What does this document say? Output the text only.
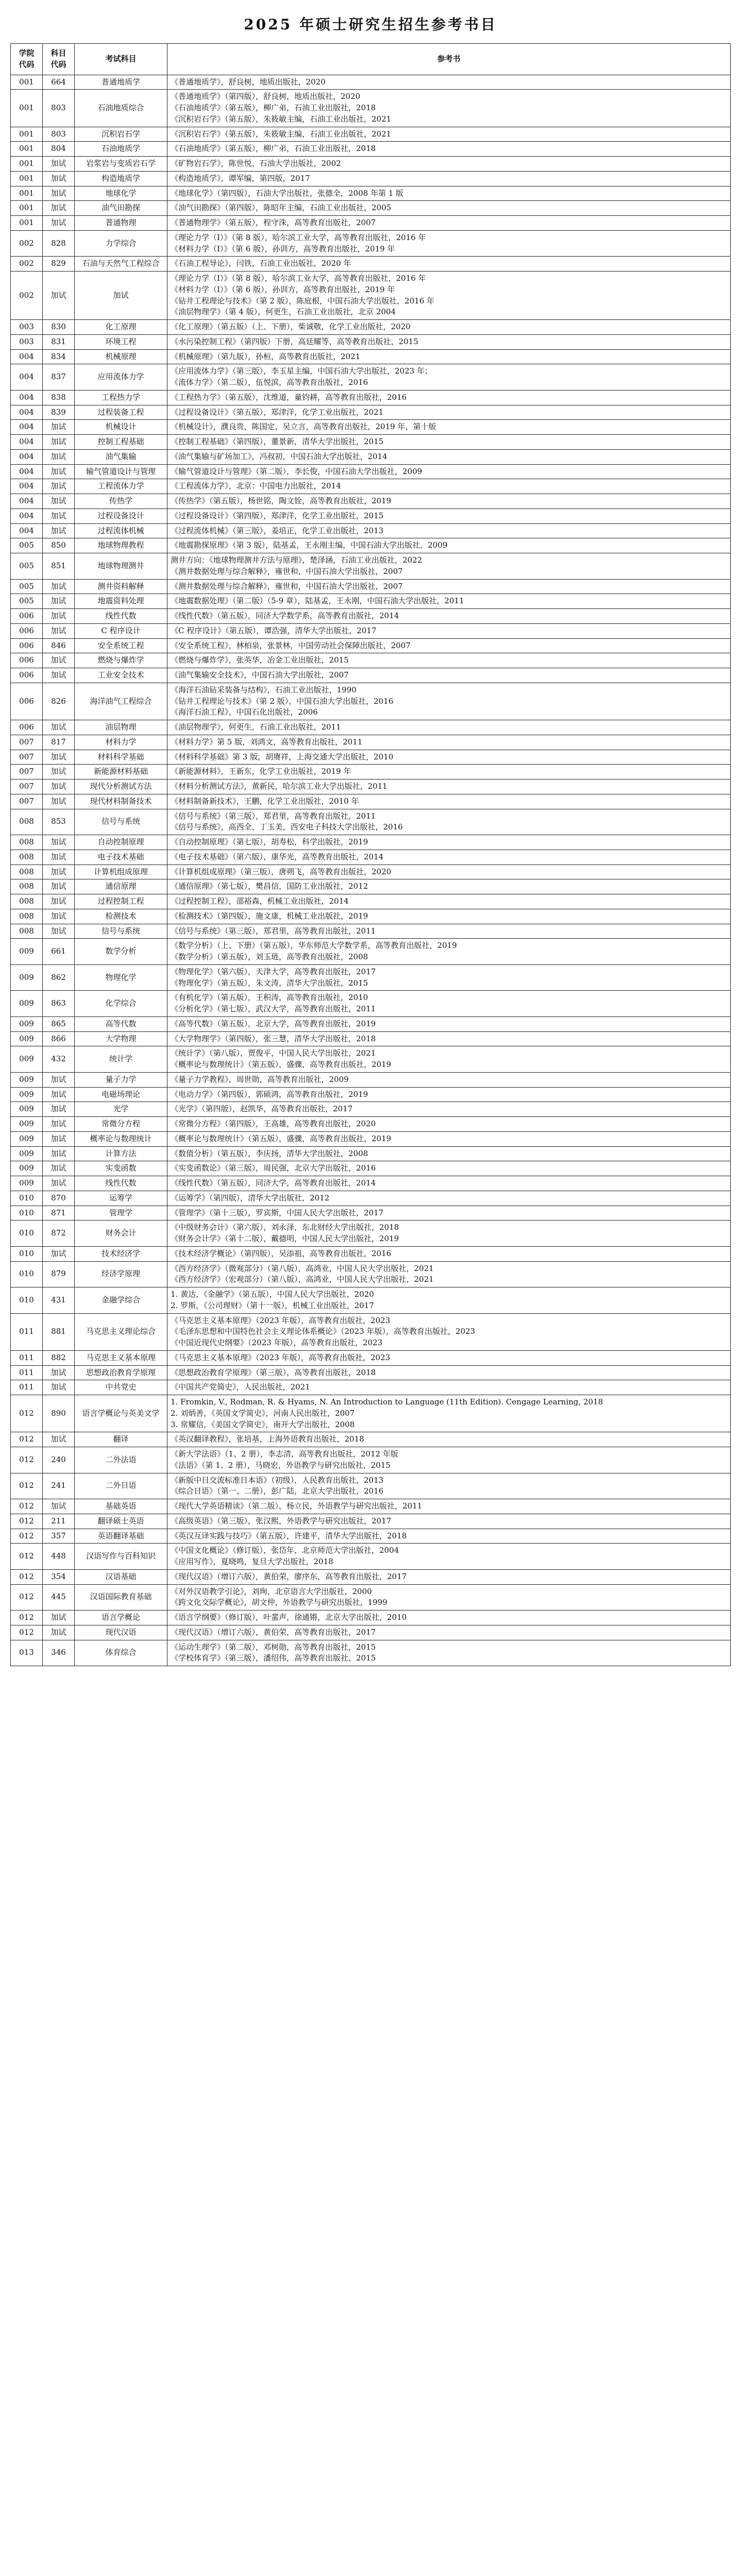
2025 年硕士研究生招生参考书目
学院
代码	科目
代码	考试科目	参考书
001	664	普通地质学	《普通地质学》，舒良树，地质出版社，2020
001	803	石油地质综合	《普通地质学》（第四版），舒良树，地质出版社，2020
《石油地质学》（第五版），柳广弟，石油工业出版社，2018
《沉积岩石学》（第五版），朱筱敏主编，石油工业出版社，2021
001	803	沉积岩石学	《沉积岩石学》（第五版），朱筱敏主编，石油工业出版社，2021
001	804	石油地质学	《石油地质学》（第五版），柳广弟，石油工业出版社，2018
001	加试	岩浆岩与变质岩石学	《矿物岩石学》，陈世悦，石油大学出版社，2002
001	加试	构造地质学	《构造地质学》，谭军编，第四版，2017
001	加试	地球化学	《地球化学》（第四版），石油大学出版社，张德全，2008 年第 1 版
001	加试	油气田勘探	《油气田勘探》（第四版），陈昭年主编，石油工业出版社，2005
001	加试	普通物理	《普通物理学》（第五版），程守洙，高等教育出版社，2007
002	828	力学综合	《理论力学（Ⅰ）》（第 8 版），哈尔滨工业大学，高等教育出版社，2016 年
《材料力学（Ⅰ）》（第 6 版），孙训方，高等教育出版社，2019 年
002	829	石油与天然气工程综合	《石油工程导论》，闫铁，石油工业出版社，2020 年
002	加试	加试	《理论力学（Ⅰ）》（第 8 版），哈尔滨工业大学，高等教育出版社，2016 年
《材料力学（Ⅰ）》（第 6 版），孙训方，高等教育出版社，2019 年
《钻井工程理论与技术》（第 2 版），陈庭根，中国石油大学出版社，2016 年
《油层物理学》（第 4 版），何更生，石油工业出版社，北京 2004
003	830	化工原理	《化工原理》（第五版）（上、下册），柴诚敬，化学工业出版社，2020
003	831	环境工程	《水污染控制工程》（第四版）下册，高廷耀等，高等教育出版社，2015
004	834	机械原理	《机械原理》（第九版），孙桓，高等教育出版社，2021
004	837	应用流体力学	《应用流体力学》（第三版），李玉星主编，中国石油大学出版社，2023 年；
《流体力学》（第二版），伍悦滨，高等教育出版社，2016
004	838	工程热力学	《工程热力学》（第五版），沈维道，童钧耕，高等教育出版社，2016
004	839	过程装备工程	《过程设备设计》（第五版），郑津洋，化学工业出版社，2021
004	加试	机械设计	《机械设计》，濮良贵，陈国定，吴立言，高等教育出版社，2019 年，第十版
004	加试	控制工程基础	《控制工程基础》（第四版），董景新，清华大学出版社，2015
004	加试	油气集输	《油气集输与矿场加工》，冯叔初，中国石油大学出版社，2014
004	加试	输气管道设计与管理	《输气管道设计与管理》（第二版），李长俊，中国石油大学出版社，2009
004	加试	工程流体力学	《工程流体力学》，北京：中国电力出版社，2014
004	加试	传热学	《传热学》（第五版），杨世铭，陶文铨，高等教育出版社，2019
004	加试	过程设备设计	《过程设备设计》（第四版），郑津洋，化学工业出版社，2015
004	加试	过程流体机械	《过程流体机械》（第三版），姜培正，化学工业出版社，2013
005	850	地球物理教程	《地震勘探原理》（第 3 版），陆基孟，王永刚主编，中国石油大学出版社，2009
005	851	地球物理测井	测井方向：《地球物理测井方法与原理》，楚泽涵，石油工业出版社，2022
《测井数据处理与综合解释》，雍世和，中国石油大学出版社，2007
005	加试	测井资料解释	《测井数据处理与综合解释》，雍世和，中国石油大学出版社，2007
005	加试	地震资料处理	《地震数据处理》（第二版）（5-9 章），陆基孟，王永刚，中国石油大学出版社，2011
006	加试	线性代数	《线性代数》（第五版），同济大学数学系，高等教育出版社，2014
006	加试	C 程序设计	《C 程序设计》（第五版），谭浩强，清华大学出版社，2017
006	846	安全系统工程	《安全系统工程》，林柏泉，张景林，中国劳动社会保障出版社，2007
006	加试	燃烧与爆炸学	《燃烧与爆炸学》，张英华，冶金工业出版社，2015
006	加试	工业安全技术	《油气集输安全技术》，中国石油大学出版社，2007
006	826	海洋油气工程综合	《海洋石油钻采装备与结构》，石油工业出版社，1990
《钻井工程理论与技术》（第 2 版），中国石油大学出版社，2016
《海洋石油工程》，中国石化出版社，2006
006	加试	油层物理	《油层物理学》，何更生，石油工业出版社，2011
007	817	材料力学	《材料力学》第 5 版，刘鸿文，高等教育出版社，2011
007	加试	材料科学基础	《材料科学基础》第 3 版，胡赓祥，上海交通大学出版社，2010
007	加试	新能源材料基础	《新能源材料》，王新东，化学工业出版社，2019 年
007	加试	现代分析测试方法	《材料分析测试方法》，黄新民，哈尔滨工业大学出版社，2011
007	加试	现代材料制备技术	《材料制备新技术》，王鹏，化学工业出版社，2010 年
008	853	信号与系统	《信号与系统》（第三版），郑君里，高等教育出版社，2011
《信号与系统》，高西全，丁玉美，西安电子科技大学出版社，2016
008	加试	自动控制原理	《自动控制原理》（第七版），胡寿松，科学出版社，2019
008	加试	电子技术基础	《电子技术基础》（第六版），康华光，高等教育出版社，2014
008	加试	计算机组成原理	《计算机组成原理》（第三版），唐朔飞，高等教育出版社，2020
008	加试	通信原理	《通信原理》（第七版），樊昌信，国防工业出版社，2012
008	加试	过程控制工程	《过程控制工程》，邵裕森，机械工业出版社，2014
008	加试	检测技术	《检测技术》（第四版），施文康，机械工业出版社，2019
008	加试	信号与系统	《信号与系统》（第三版），郑君里，高等教育出版社，2011
009	661	数学分析	《数学分析》（上、下册）（第五版），华东师范大学数学系，高等教育出版社，2019
《数学分析》（第五版），刘玉琏，高等教育出版社，2008
009	862	物理化学	《物理化学》（第六版），天津大学，高等教育出版社，2017
《物理化学》（第五版），朱文涛，清华大学出版社，2015
009	863	化学综合	《有机化学》（第五版），王积涛，高等教育出版社，2010
《分析化学》（第七版），武汉大学，高等教育出版社，2011
009	865	高等代数	《高等代数》（第五版），北京大学，高等教育出版社，2019
009	866	大学物理	《大学物理学》（第四版），张三慧，清华大学出版社，2018
009	432	统计学	《统计学》（第八版），贾俊平，中国人民大学出版社，2021
《概率论与数理统计》（第五版），盛骤，高等教育出版社，2019
009	加试	量子力学	《量子力学教程》，周世勋，高等教育出版社，2009
009	加试	电磁场理论	《电动力学》（第四版），郭硕鸿，高等教育出版社，2019
009	加试	光学	《光学》（第四版），赵凯华，高等教育出版社，2017
009	加试	常微分方程	《常微分方程》（第四版），王高雄，高等教育出版社，2020
009	加试	概率论与数理统计	《概率论与数理统计》（第五版），盛骤，高等教育出版社，2019
009	加试	计算方法	《数值分析》（第五版），李庆扬，清华大学出版社，2008
009	加试	实变函数	《实变函数论》（第三版），周民强，北京大学出版社，2016
009	加试	线性代数	《线性代数》（第五版），同济大学，高等教育出版社，2014
010	870	运筹学	《运筹学》（第四版），清华大学出版社，2012
010	871	管理学	《管理学》（第十三版），罗宾斯，中国人民大学出版社，2017
010	872	财务会计	《中级财务会计》（第六版），刘永泽，东北财经大学出版社，2018
《财务会计学》（第十二版），戴德明，中国人民大学出版社，2019
010	加试	技术经济学	《技术经济学概论》（第四版），吴添祖，高等教育出版社，2016
010	879	经济学原理	《西方经济学》（微观部分）（第八版），高鸿业，中国人民大学出版社，2021
《西方经济学》（宏观部分）（第八版），高鸿业，中国人民大学出版社，2021
010	431	金融学综合	1. 黄达，《金融学》（第五版），中国人民大学出版社，2020
2. 罗斯，《公司理财》（第十一版），机械工业出版社，2017
011	881	马克思主义理论综合	《马克思主义基本原理》（2023 年版），高等教育出版社，2023
《毛泽东思想和中国特色社会主义理论体系概论》（2023 年版），高等教育出版社，2023
《中国近现代史纲要》（2023 年版），高等教育出版社，2023
011	882	马克思主义基本原理	《马克思主义基本原理》（2023 年版），高等教育出版社，2023
011	加试	思想政治教育学原理	《思想政治教育学原理》（第三版），高等教育出版社，2018
011	加试	中共党史	《中国共产党简史》，人民出版社，2021
012	890	语言学概论与英美文学	1. Fromkin, V., Rodman, R. & Hyams, N. An Introduction to Language (11th Edition). Cengage Learning, 2018
2. 刘炳善，《英国文学简史》，河南人民出版社，2007
3. 常耀信，《美国文学简史》，南开大学出版社，2008
012	加试	翻译	《英汉翻译教程》，张培基，上海外语教育出版社，2018
012	240	二外法语	《新大学法语》（1、2 册），李志清，高等教育出版社，2012 年版
《法语》（第 1、2 册），马晓宏，外语教学与研究出版社，2015
012	241	二外日语	《新版中日交流标准日本语》（初级），人民教育出版社，2013
《综合日语》（第一、二册），彭广陆，北京大学出版社，2016
012	加试	基础英语	《现代大学英语精读》（第二版），杨立民，外语教学与研究出版社，2011
012	211	翻译硕士英语	《高级英语》（第三版），张汉熙，外语教学与研究出版社，2017
012	357	英语翻译基础	《英汉互译实践与技巧》（第五版），许建平，清华大学出版社，2018
012	448	汉语写作与百科知识	《中国文化概论》（修订版），张岱年，北京师范大学出版社，2004
《应用写作》，夏晓鸣，复旦大学出版社，2018
012	354	汉语基础	《现代汉语》（增订六版），黄伯荣，廖序东，高等教育出版社，2017
012	445	汉语国际教育基础	《对外汉语教学引论》，刘珣，北京语言大学出版社，2000
《跨文化交际学概论》，胡文仲，外语教学与研究出版社，1999
012	加试	语言学概论	《语言学纲要》（修订版），叶蜚声，徐通锵，北京大学出版社，2010
012	加试	现代汉语	《现代汉语》（增订六版），黄伯荣，高等教育出版社，2017
013	346	体育综合	《运动生理学》（第二版），邓树勋，高等教育出版社，2015
《学校体育学》（第三版），潘绍伟，高等教育出版社，2015
